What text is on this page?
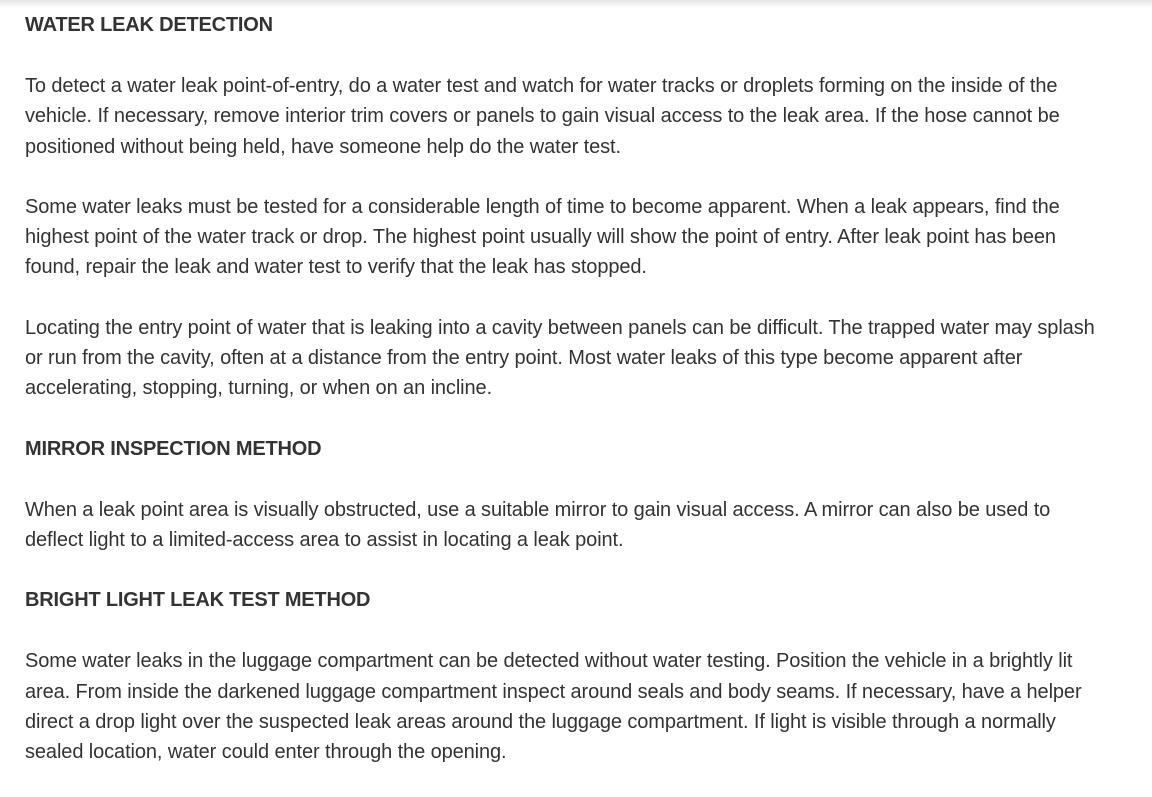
WATER LEAK DETECTION

To detect a water leak point-of-entry, do a water test and watch for water tracks or droplets forming on the inside of the vehicle. If necessary, remove interior trim covers or panels to gain visual access to the leak area. If the hose cannot be positioned without being held, have someone help do the water test.

Some water leaks must be tested for a considerable length of time to become apparent. When a leak appears, find the highest point of the water track or drop. The highest point usually will show the point of entry. After leak point has been found, repair the leak and water test to verify that the leak has stopped.

Locating the entry point of water that is leaking into a cavity between panels can be difficult. The trapped water may splash or run from the cavity, often at a distance from the entry point. Most water leaks of this type become apparent after accelerating, stopping, turning, or when on an incline.

MIRROR INSPECTION METHOD

When a leak point area is visually obstructed, use a suitable mirror to gain visual access. A mirror can also be used to deflect light to a limited-access area to assist in locating a leak point.

BRIGHT LIGHT LEAK TEST METHOD

Some water leaks in the luggage compartment can be detected without water testing. Position the vehicle in a brightly lit area. From inside the darkened luggage compartment inspect around seals and body seams. If necessary, have a helper direct a drop light over the suspected leak areas around the luggage compartment. If light is visible through a normally sealed location, water could enter through the opening.
